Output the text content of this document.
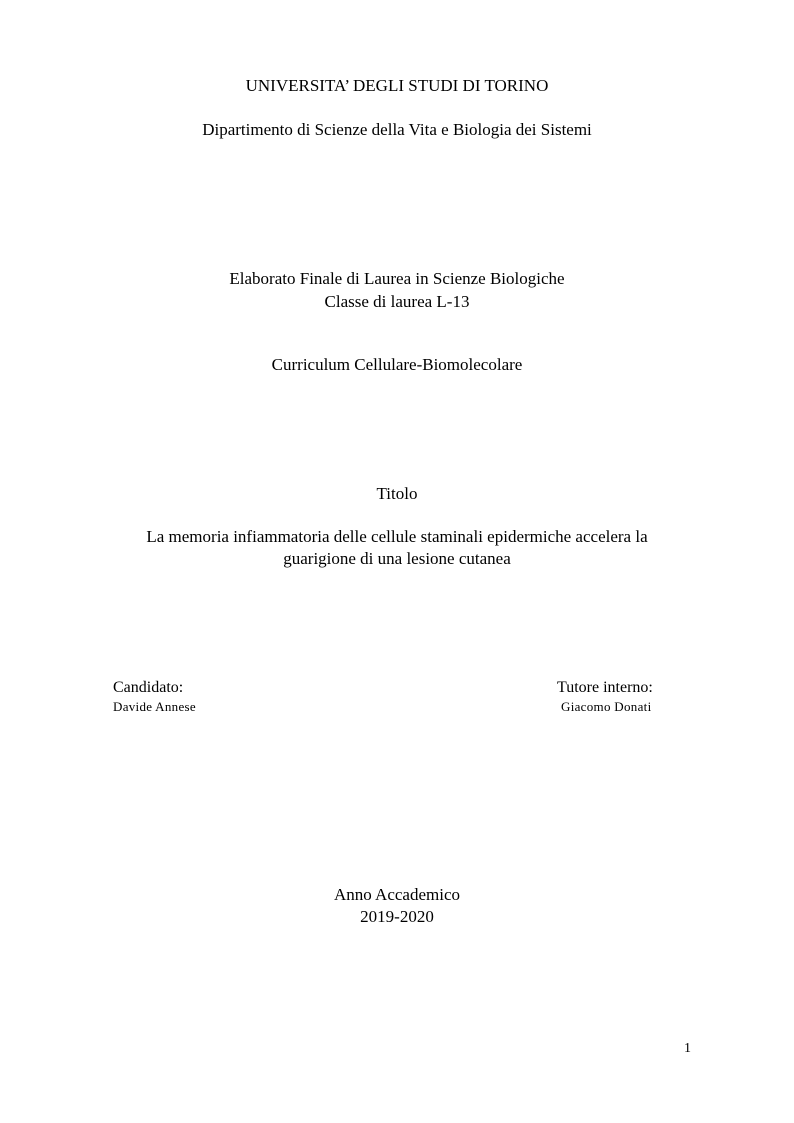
UNIVERSITA’ DEGLI STUDI DI TORINO
Dipartimento di Scienze della Vita e Biologia dei Sistemi
Elaborato Finale di Laurea in Scienze Biologiche
Classe di laurea L-13
Curriculum Cellulare-Biomolecolare
Titolo
La memoria infiammatoria delle cellule staminali epidermiche accelera la
guarigione di una lesione cutanea
Candidato:
Davide Annese
Tutore interno:
Giacomo Donati
Anno Accademico
2019-2020
1
